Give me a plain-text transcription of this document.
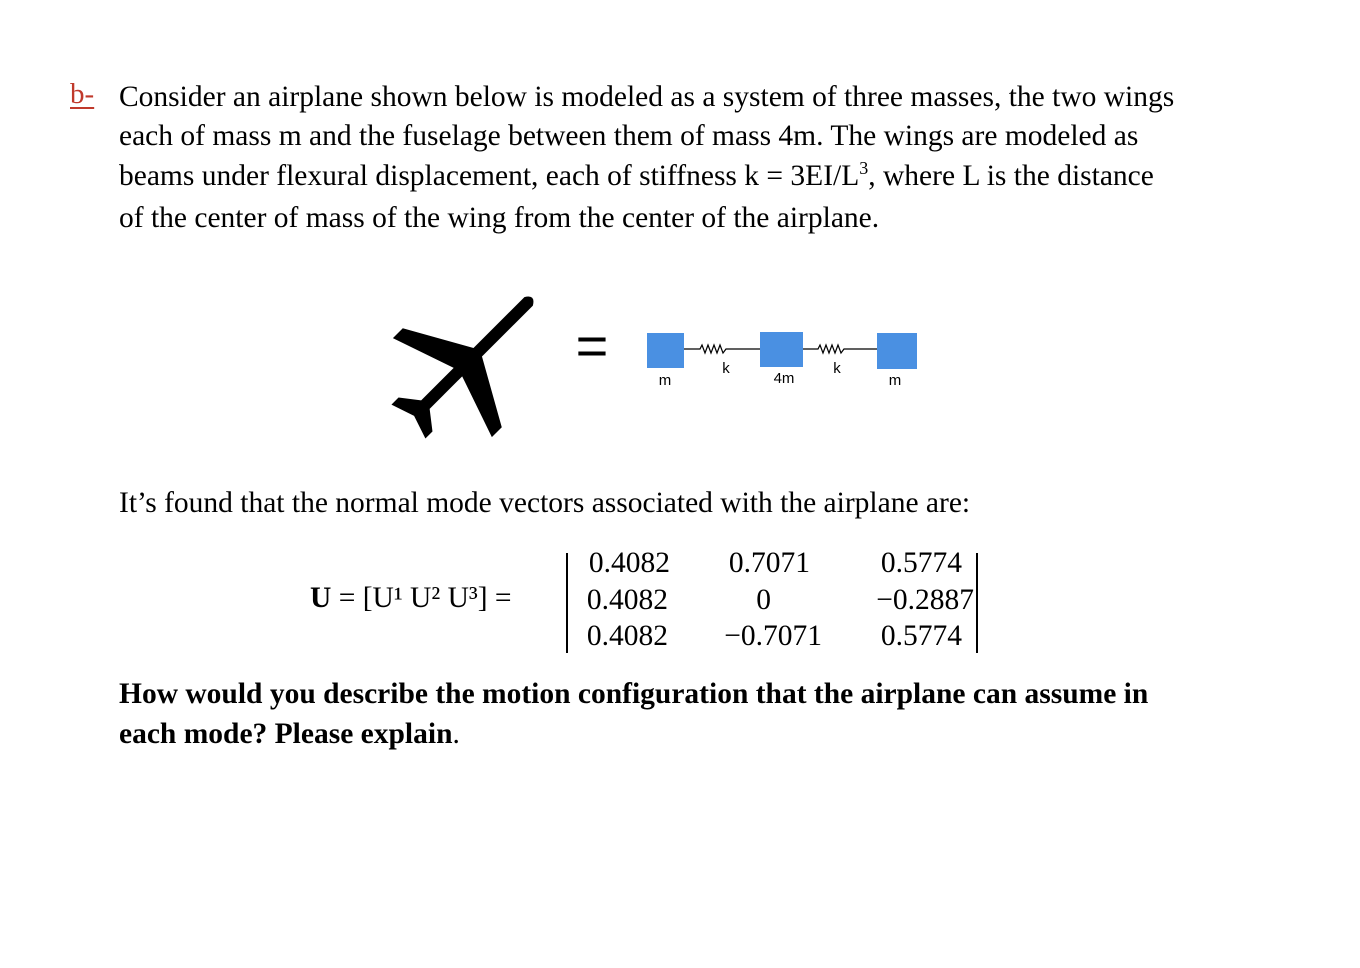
b- Consider an airplane shown below is modeled as a system of three masses, the two wings
each of mass m and the fuselage between them of mass 4m. The wings are modeled as
beams under flexural displacement, each of stiffness $k = 3EI/L^3$, where L is the distance
of the center of mass of the wing from the center of the airplane.
=	k	k
m	4m	m
It’s found that the normal mode vectors associated with the airplane are:
U = [U¹ U² U³] =
0.4082	0.7071	0.5774
0.4082	0	−0.2887
0.4082	−0.7071	0.5774
How would you describe the motion configuration that the airplane can assume in
each mode? Please explain.
